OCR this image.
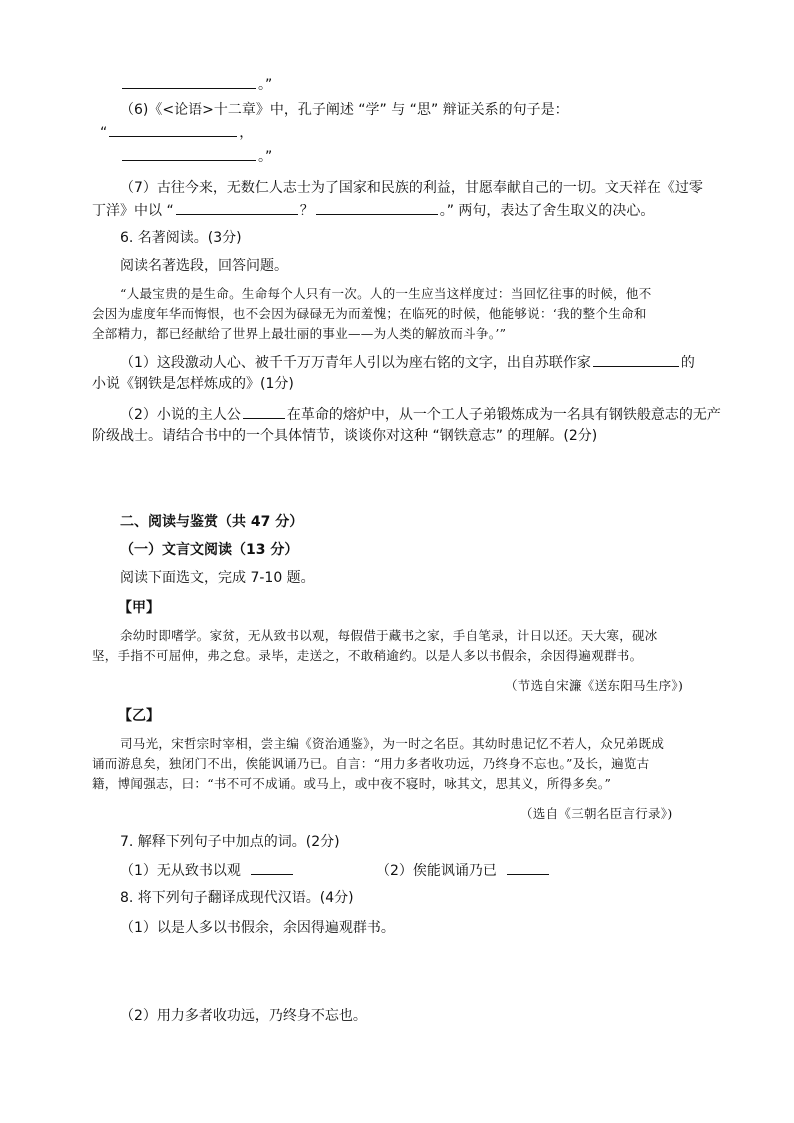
。”
（6)《<论语>十二章》中，孔子阐述 “学” 与 “思” 辩证关系的句子是：
“	，
。”
（7）古往今来，无数仁人志士为了国家和民族的利益，甘愿奉献自己的一切。文天祥在《过零
丁洋》中以 “	？	。” 两句，表达了舍生取义的决心。
6. 名著阅读。(3分)
阅读名著选段，回答问题。
“人最宝贵的是生命。生命每个人只有一次。人的一生应当这样度过：当回忆往事的时候，他不
会因为虚度年华而悔恨，也不会因为碌碌无为而羞愧；在临死的时候，他能够说：‘我的整个生命和
全部精力，都已经献给了世界上最壮丽的事业——为人类的解放而斗争。’”
（1）这段激动人心、被千千万万青年人引以为座右铭的文字，出自苏联作家	的
小说《钢铁是怎样炼成的》(1分)
（2）小说的主人公	在革命的熔炉中，从一个工人子弟锻炼成为一名具有钢铁般意志的无产
阶级战士。请结合书中的一个具体情节，谈谈你对这种 “钢铁意志” 的理解。(2分)
二、阅读与鉴赏（共 47 分）
（一）文言文阅读（13 分）
阅读下面选文，完成 7-10 题。
【甲】
余幼时即嗜学。家贫，无从致书以观，每假借于藏书之家，手自笔录，计日以还。天大寒，砚冰
坚，手指不可屈伸，弗之怠。录毕，走送之，不敢稍逾约。以是人多以书假余，余因得遍观群书。
（节选自宋濂《送东阳马生序》)
【乙】
司马光，宋哲宗时宰相，尝主编《资治通鉴》，为一时之名臣。其幼时患记忆不若人，众兄弟既成
诵而游息矣，独闭门不出，俟能讽诵乃已。自言：“用力多者收功远，乃终身不忘也。”及长，遍览古
籍，博闻强志，曰：“书不可不成诵。或马上，或中夜不寝时，咏其文，思其义，所得多矣。”
（选自《三朝名臣言行录》)
7. 解释下列句子中加点的词。(2分)
（1）无从致书以观	（2）俟能讽诵乃已
8. 将下列句子翻译成现代汉语。(4分)
（1）以是人多以书假余，余因得遍观群书。
（2）用力多者收功远，乃终身不忘也。
